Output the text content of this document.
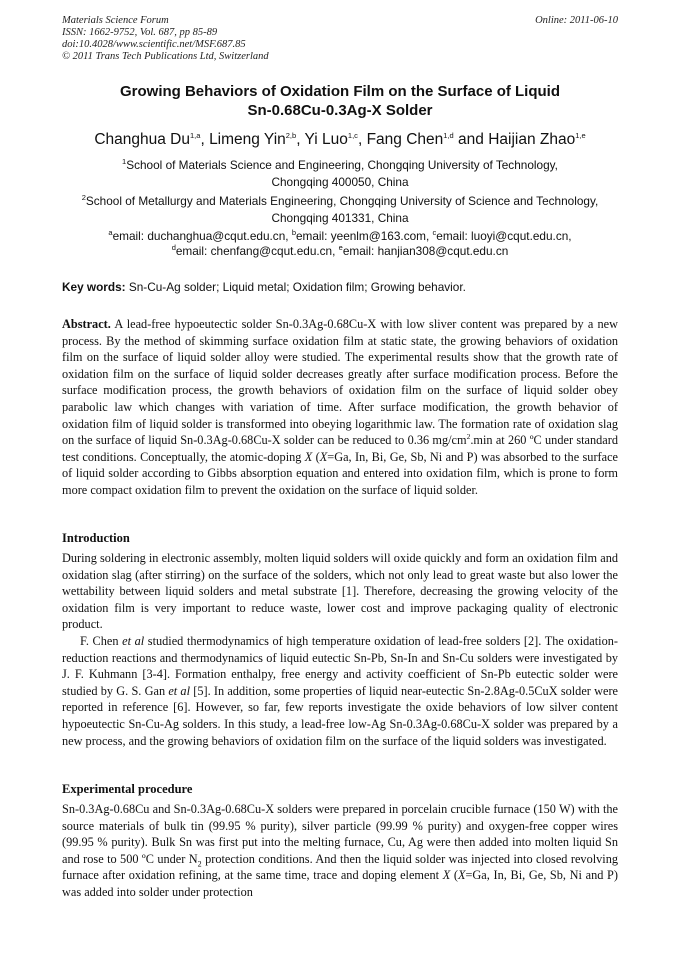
Materials Science Forum
ISSN: 1662-9752, Vol. 687, pp 85-89
doi:10.4028/www.scientific.net/MSF.687.85
© 2011 Trans Tech Publications Ltd, Switzerland
Online: 2011-06-10
Growing Behaviors of Oxidation Film on the Surface of Liquid
Sn-0.68Cu-0.3Ag-X Solder
Changhua Du$^{1,a}$, Limeng Yin$^{2,b}$, Yi Luo$^{1,c}$, Fang Chen$^{1,d}$ and Haijian Zhao$^{1,e}$
$^1$School of Materials Science and Engineering, Chongqing University of Technology,
Chongqing 400050, China
$^2$School of Metallurgy and Materials Engineering, Chongqing University of Science and Technology,
Chongqing 401331, China
$^a$email: duchanghua@cqut.edu.cn, $^b$email: yeenlm@163.com, $^c$email: luoyi@cqut.edu.cn,
$^d$email: chenfang@cqut.edu.cn, $^e$email: hanjian308@cqut.edu.cn
Key words: Sn-Cu-Ag solder; Liquid metal; Oxidation film; Growing behavior.
Abstract. A lead-free hypoeutectic solder Sn-0.3Ag-0.68Cu-X with low sliver content was prepared by a new process. By the method of skimming surface oxidation film at static state, the growing behaviors of oxidation film on the surface of liquid solder alloy were studied. The experimental results show that the growth rate of oxidation film on the surface of liquid solder decreases greatly after surface modification process. Before the surface modification process, the growth behaviors of oxidation film on the surface of liquid solder obey parabolic law which changes with variation of time. After surface modification, the growth behavior of oxidation film of liquid solder is transformed into obeying logarithmic law. The formation rate of oxidation slag on the surface of liquid Sn-0.3Ag-0.68Cu-X solder can be reduced to 0.36 $mg/cm^2.\min$ at 260 ºC under standard test conditions. Conceptually, the atomic-doping X (X=Ga, In, Bi, Ge, Sb, Ni and P) was absorbed to the surface of liquid solder according to Gibbs absorption equation and entered into oxidation film, which is prone to form more compact oxidation film to prevent the oxidation on the surface of liquid solder.
Introduction

During soldering in electronic assembly, molten liquid solders will oxide quickly and form an oxidation film and oxidation slag (after stirring) on the surface of the solders, which not only lead to great waste but also lower the wettability between liquid solders and metal substrate [1]. Therefore, decreasing the growing velocity of the oxidation film is very important to reduce waste, lower cost and improve packaging quality of electronic product.

F. Chen et al studied thermodynamics of high temperature oxidation of lead-free solders [2]. The oxidation-reduction reactions and thermodynamics of liquid eutectic Sn-Pb, Sn-In and Sn-Cu solders were investigated by J. F. Kuhmann [3-4]. Formation enthalpy, free energy and activity coefficient of Sn-Pb eutectic solder were studied by G. S. Gan et al [5]. In addition, some properties of liquid near-eutectic Sn-2.8Ag-0.5CuX solder were reported in reference [6]. However, so far, few reports investigate the oxide behaviors of low silver content hypoeutectic Sn-Cu-Ag solders. In this study, a lead-free low-Ag Sn-0.3Ag-0.68Cu-X solder was prepared by a new process, and the growing behaviors of oxidation film on the surface of the liquid solders was investigated.

Experimental procedure

Sn-0.3Ag-0.68Cu and Sn-0.3Ag-0.68Cu-X solders were prepared in porcelain crucible furnace (150 W) with the source materials of bulk tin (99.95 % purity), silver particle (99.99 % purity) and oxygen-free copper wires (99.95 % purity). Bulk Sn was first put into the melting furnace, Cu, Ag were then added into molten liquid Sn and rose to 500 ºC under $N_2$ protection conditions. And then the liquid solder was injected into closed revolving furnace after oxidation refining, at the same time, trace and doping element X (X=Ga, In, Bi, Ge, Sb, Ni and P) was added into solder under protection
